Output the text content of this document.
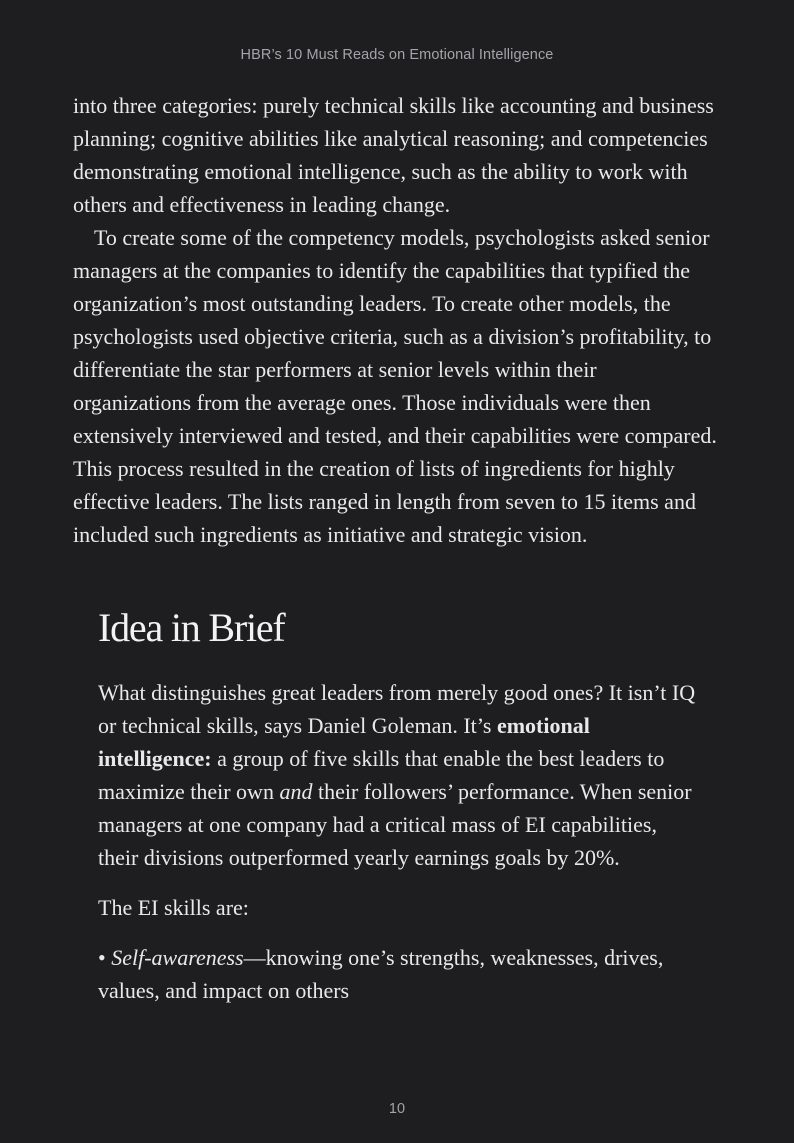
HBR’s 10 Must Reads on Emotional Intelligence

into three categories: purely technical skills like accounting and business planning; cognitive abilities like analytical reasoning; and competencies demonstrating emotional intelligence, such as the ability to work with others and effectiveness in leading change.

To create some of the competency models, psychologists asked senior managers at the companies to identify the capabilities that typified the organization’s most outstanding leaders. To create other models, the psychologists used objective criteria, such as a division’s profitability, to differentiate the star performers at senior levels within their organizations from the average ones. Those individuals were then extensively interviewed and tested, and their capabilities were compared. This process resulted in the creation of lists of ingredients for highly effective leaders. The lists ranged in length from seven to 15 items and included such ingredients as initiative and strategic vision.

Idea in Brief

What distinguishes great leaders from merely good ones? It isn’t IQ or technical skills, says Daniel Goleman. It’s emotional intelligence: a group of five skills that enable the best leaders to maximize their own and their followers’ performance. When senior managers at one company had a critical mass of EI capabilities, their divisions outperformed yearly earnings goals by 20%.

The EI skills are:

• Self-awareness—knowing one’s strengths, weaknesses, drives, values, and impact on others
10
